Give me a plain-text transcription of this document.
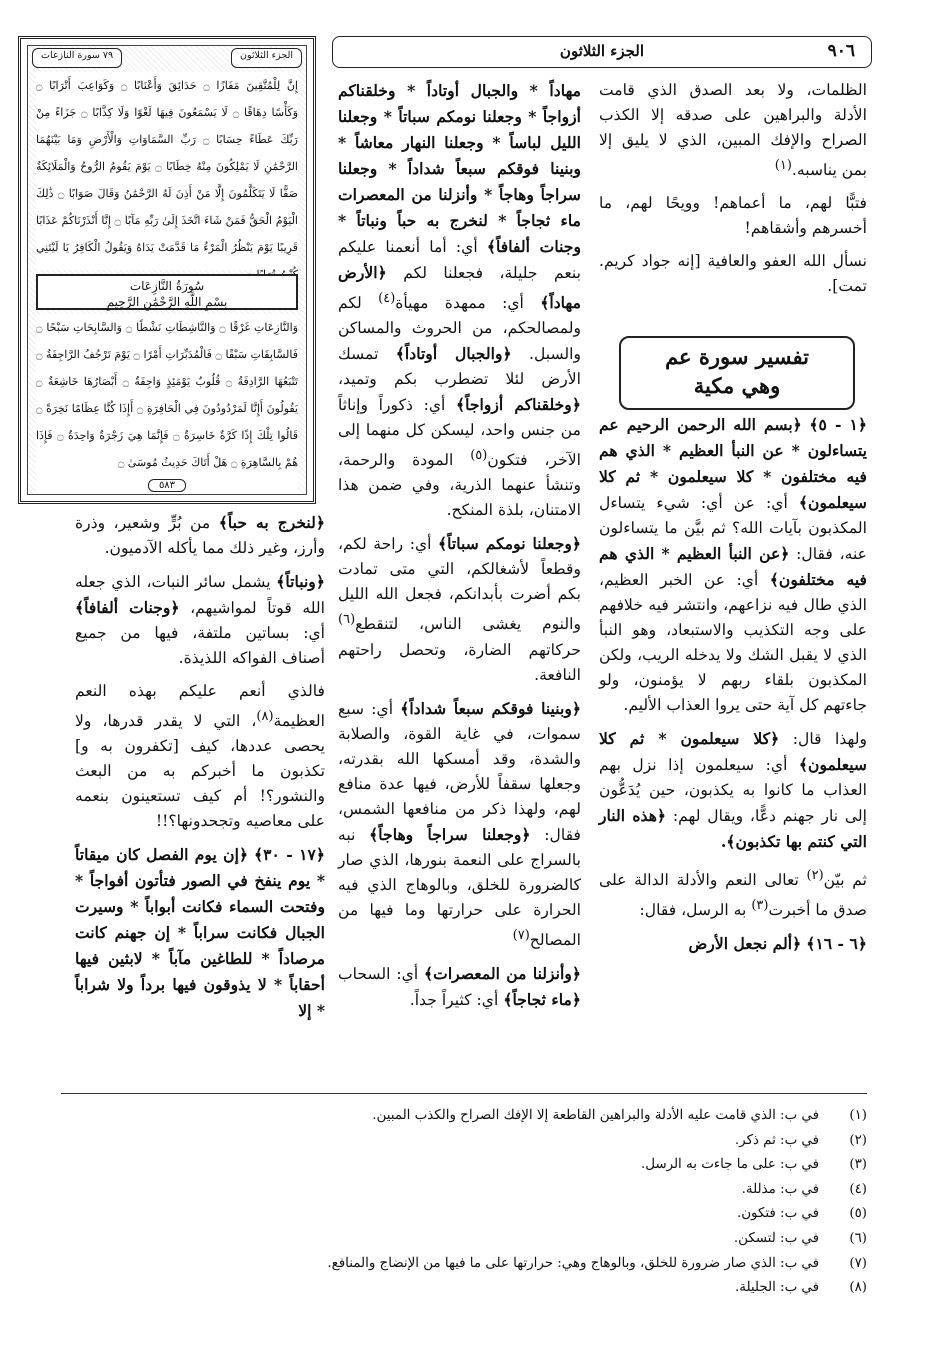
٩٠٦
الجزء الثلاثون
الجزء الثلاثون
٧٩ سورة النازعات
إِنَّ لِلْمُتَّقِينَ مَفَازًا ۝ حَدَائِقَ وَأَعْنَابًا ۝ وَكَوَاعِبَ أَتْرَابًا ۝ وَكَأْسًا دِهَاقًا ۝ لَا يَسْمَعُونَ فِيهَا لَغْوًا وَلَا كِذَّابًا ۝ جَزَاءً مِنْ رَبِّكَ عَطَاءً حِسَابًا ۝ رَبِّ السَّمَاوَاتِ وَالْأَرْضِ وَمَا بَيْنَهُمَا الرَّحْمَٰنِ لَا يَمْلِكُونَ مِنْهُ خِطَابًا ۝ يَوْمَ يَقُومُ الرُّوحُ وَالْمَلَائِكَةُ صَفًّا لَا يَتَكَلَّمُونَ إِلَّا مَنْ أَذِنَ لَهُ الرَّحْمَٰنُ وَقَالَ صَوَابًا ۝ ذَٰلِكَ الْيَوْمُ الْحَقُّ فَمَنْ شَاءَ اتَّخَذَ إِلَىٰ رَبِّهِ مَآبًا ۝ إِنَّا أَنْذَرْنَاكُمْ عَذَابًا قَرِيبًا يَوْمَ يَنْظُرُ الْمَرْءُ مَا قَدَّمَتْ يَدَاهُ وَيَقُولُ الْكَافِرُ يَا لَيْتَنِي
سُورَةُ النَّازِعَات
بِسْمِ اللَّهِ الرَّحْمَٰنِ الرَّحِيمِ
وَالنَّازِعَاتِ غَرْقًا ۝ وَالنَّاشِطَاتِ نَشْطًا ۝ وَالسَّابِحَاتِ سَبْحًا ۝ فَالسَّابِقَاتِ سَبْقًا ۝ فَالْمُدَبِّرَاتِ أَمْرًا ۝ يَوْمَ تَرْجُفُ الرَّاجِفَةُ ۝ تَتْبَعُهَا الرَّادِفَةُ ۝ قُلُوبٌ يَوْمَئِذٍ وَاجِفَةٌ ۝ أَبْصَارُهَا خَاشِعَةٌ ۝ يَقُولُونَ أَإِنَّا لَمَرْدُودُونَ فِي الْحَافِرَةِ ۝ أَإِذَا كُنَّا عِظَامًا نَخِرَةً ۝ قَالُوا تِلْكَ إِذًا كَرَّةٌ خَاسِرَةٌ ۝ فَإِنَّمَا هِيَ زَجْرَةٌ وَاحِدَةٌ ۝ فَإِذَا هُمْ بِالسَّاهِرَةِ ۝ هَلْ أَتَاكَ حَدِيثُ مُوسَىٰ ۝
٥٨٣

الظلمات، ولا بعد الصدق الذي قامت الأدلة والبراهين على صدقه إلا الكذب الصراح والإفك المبين، الذي لا يليق إلا بمن يناسبه.$^{(١)}$

فتبًّا لهم، ما أعماهم! وويحًا لهم، ما أخسرهم وأشقاهم!

نسأل الله العفو والعافية [إنه جواد كريم. تمت].

تفسير سورة عم
وهي مكية

﴿١ - ٥﴾ ﴿بسم الله الرحمن الرحيم عم يتساءلون * عن النبأ العظيم * الذي هم فيه مختلفون * كلا سيعلمون * ثم كلا سيعلمون﴾ أي: عن أي: شيء يتساءل المكذبون بآيات الله؟ ثم بيَّن ما يتساءلون عنه، فقال: ﴿عن النبأ العظيم * الذي هم فيه مختلفون﴾ أي: عن الخبر العظيم، الذي طال فيه نزاعهم، وانتشر فيه خلافهم على وجه التكذيب والاستبعاد، وهو النبأ الذي لا يقبل الشك ولا يدخله الريب، ولكن المكذبون بلقاء ربهم لا يؤمنون، ولو جاءتهم كل آية حتى يروا العذاب الأليم.

ولهذا قال: ﴿كلا سيعلمون * ثم كلا سيعلمون﴾ أي: سيعلمون إذا نزل بهم العذاب ما كانوا به يكذبون، حين يُدَعُّون إلى نار جهنم دعًّا، ويقال لهم: ﴿هذه النار التي كنتم بها تكذبون﴾.

ثم بيّن$^{(٢)}$ تعالى النعم والأدلة الدالة على صدق ما أخبرت$^{(٣)}$ به الرسل، فقال:

﴿٦ - ١٦﴾ ﴿ألم نجعل الأرض

مهاداً * والجبال أوتاداً * وخلقناكم أزواجاً * وجعلنا نومكم سباتاً * وجعلنا الليل لباساً * وجعلنا النهار معاشاً * وبنينا فوقكم سبعاً شداداً * وجعلنا سراجاً وهاجاً * وأنزلنا من المعصرات ماء ثجاجاً * لنخرج به حباً ونباتاً * وجنات ألفافاً﴾ أي: أما أنعمنا عليكم بنعم جليلة، فجعلنا لكم ﴿الأرض مهاداً﴾ أي: ممهدة مهيأة$^{(٤)}$ لكم ولمصالحكم، من الحروث والمساكن والسبل. ﴿والجبال أوتاداً﴾ تمسك الأرض لئلا تضطرب بكم وتميد، ﴿وخلقناكم أزواجاً﴾ أي: ذكوراً وإناثاً من جنس واحد، ليسكن كل منهما إلى الآخر، فتكون$^{(٥)}$ المودة والرحمة، وتنشأ عنهما الذرية، وفي ضمن هذا الامتنان، بلذة المنكح.

﴿وجعلنا نومكم سباتاً﴾ أي: راحة لكم، وقطعاً لأشغالكم، التي متى تمادت بكم أضرت بأبدانكم، فجعل الله الليل والنوم يغشى الناس، لتنقطع$^{(٦)}$ حركاتهم الضارة، وتحصل راحتهم النافعة.

﴿وبنينا فوقكم سبعاً شداداً﴾ أي: سبع سموات، في غاية القوة، والصلابة والشدة، وقد أمسكها الله بقدرته، وجعلها سقفاً للأرض، فيها عدة منافع لهم، ولهذا ذكر من منافعها الشمس، فقال: ﴿وجعلنا سراجاً وهاجاً﴾ نبه بالسراج على النعمة بنورها، الذي صار كالضرورة للخلق، وبالوهاج الذي فيه الحرارة على حرارتها وما فيها من المصالح$^{(٧)}$

﴿وأنزلنا من المعصرات﴾ أي: السحاب ﴿ماء ثجاجاً﴾ أي: كثيراً جداً.

﴿لنخرج به حباً﴾ من بُرٍّ وشعير، وذرة وأرز، وغير ذلك مما يأكله الآدميون.

﴿ونباتاً﴾ يشمل سائر النبات، الذي جعله الله قوتاً لمواشيهم، ﴿وجنات ألفافاً﴾ أي: بساتين ملتفة، فيها من جميع أصناف الفواكه اللذيذة.

فالذي أنعم عليكم بهذه النعم العظيمة$^{(٨)}$، التي لا يقدر قدرها، ولا يحصى عددها، كيف [تكفرون به و] تكذبون ما أخبركم به من البعث والنشور؟! أم كيف تستعينون بنعمه على معاصيه وتجحدونها؟!!

﴿١٧ - ٣٠﴾ ﴿إن يوم الفصل كان ميقاتاً * يوم ينفخ في الصور فتأتون أفواجاً * وفتحت السماء فكانت أبواباً * وسيرت الجبال فكانت سراباً * إن جهنم كانت مرصاداً * للطاغين مآباً * لابثين فيها أحقاباً * لا يذوقون فيها برداً ولا شراباً * إلا

(١)
في ب: الذي قامت عليه الأدلة والبراهين القاطعة إلا الإفك الصراح والكذب المبين.
(٢)
في ب: ثم ذكر.
(٣)
في ب: على ما جاءت به الرسل.
(٤)
في ب: مذللة.
(٥)
في ب: فتكون.
(٦)
في ب: لتسكن.
(٧)
في ب: الذي صار ضرورة للخلق، وبالوهاج وهي: حرارتها على ما فيها من الإنضاج والمنافع.
(٨)
في ب: الجليلة.
